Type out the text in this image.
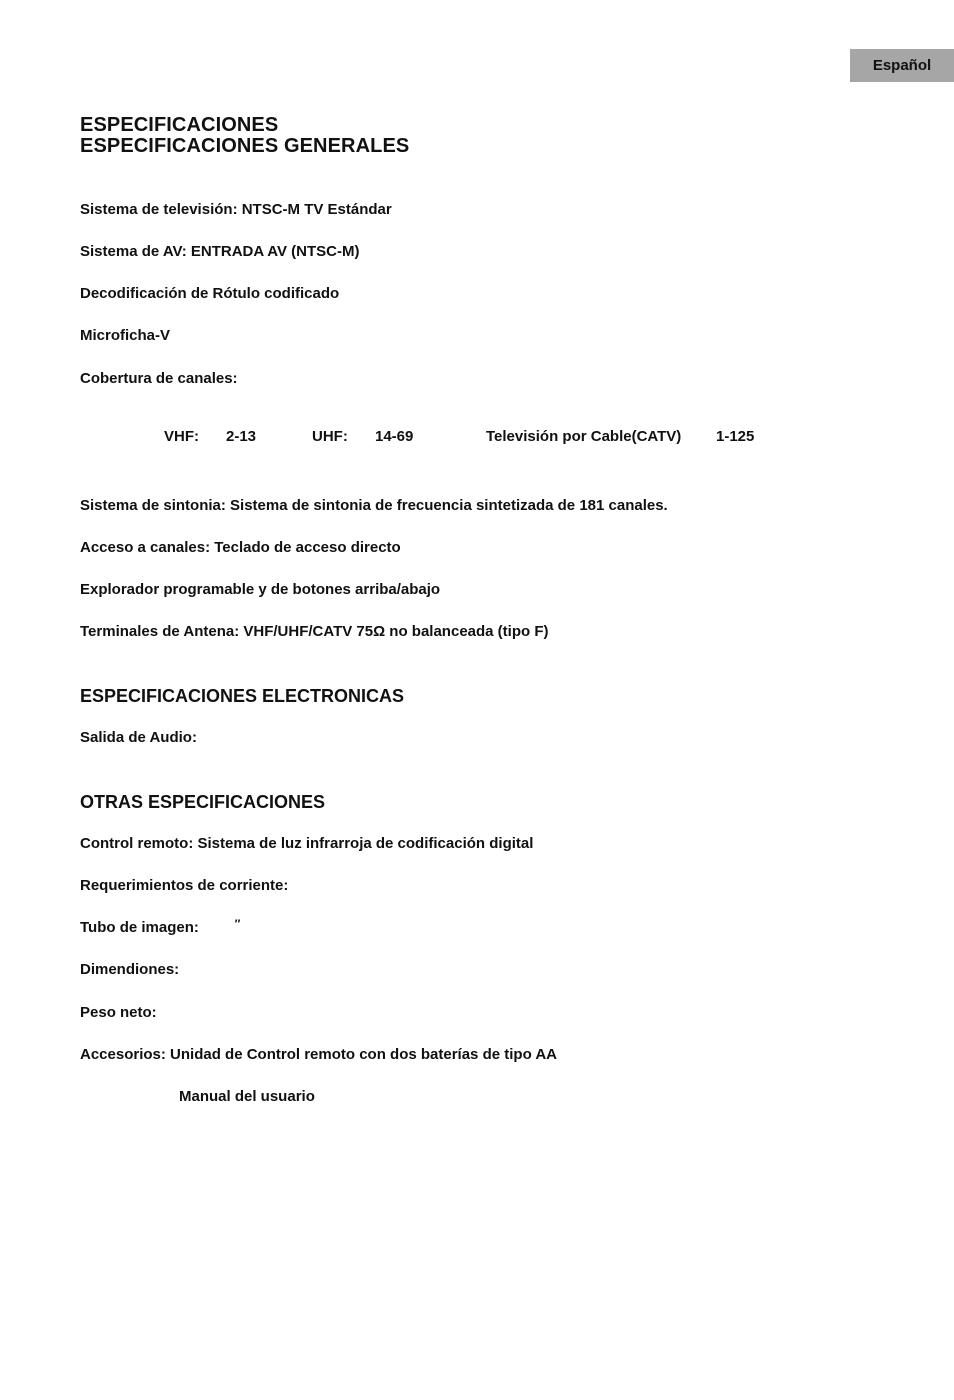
Español
ESPECIFICACIONES
ESPECIFICACIONES GENERALES
Sistema de televisión: NTSC-M TV Estándar
Sistema de AV: ENTRADA AV (NTSC-M)
Decodificación de Rótulo codificado
Microficha-V
Cobertura de canales:
VHF: 2-13	UHF: 14-69	Televisión por Cable(CATV) 1-125
Sistema de sintonia: Sistema de sintonia de frecuencia sintetizada de 181 canales.
Acceso a canales: Teclado de acceso directo
Explorador programable y de botones arriba/abajo
Terminales de Antena: VHF/UHF/CATV 75Ω no balanceada (tipo F)
ESPECIFICACIONES ELECTRONICAS
Salida de Audio:
OTRAS ESPECIFICACIONES
Control remoto: Sistema de luz infrarroja de codificación digital
Requerimientos de corriente:
Tubo de imagen:	″
Dimendiones:
Peso neto:
Accesorios: Unidad de Control remoto con dos baterías de tipo AA
Manual del usuario
